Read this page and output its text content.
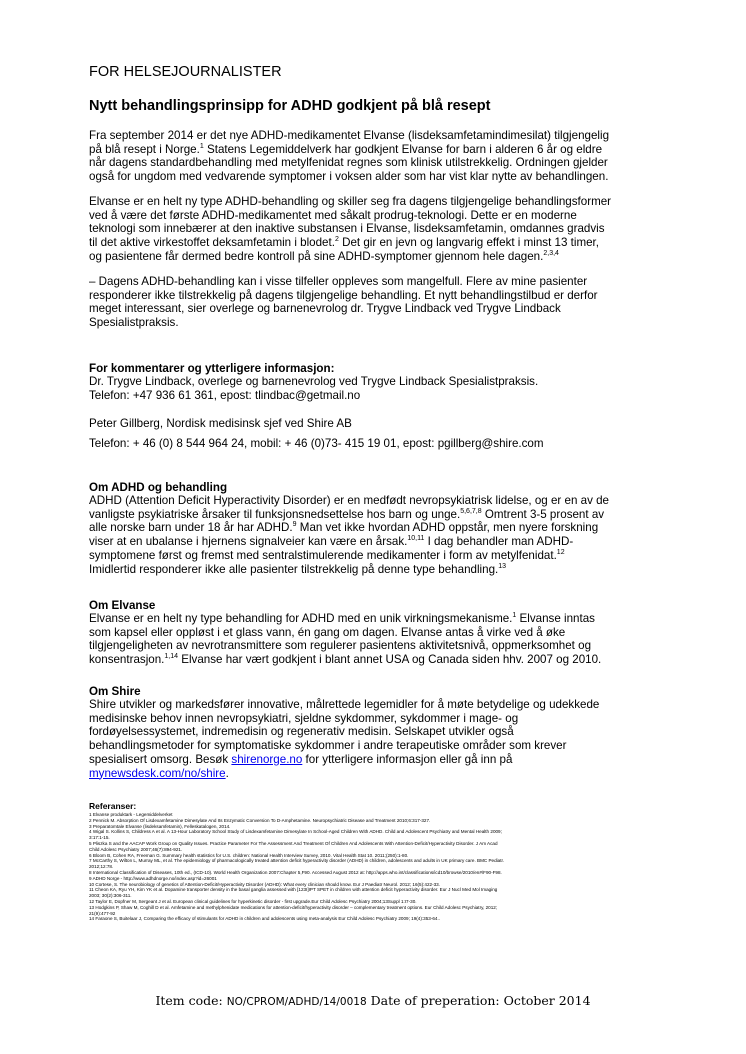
FOR HELSEJOURNALISTER
Nytt behandlingsprinsipp for ADHD godkjent på blå resept

Fra september 2014 er det nye ADHD-medikamentet Elvanse (lisdeksamfetamindimesilat) tilgjengelig
på blå resept i Norge.$^1$ Statens Legemiddelverk har godkjent Elvanse for barn i alderen 6 år og eldre
når dagens standardbehandling med metylfenidat regnes som klinisk utilstrekkelig. Ordningen gjelder
også for ungdom med vedvarende symptomer i voksen alder som har vist klar nytte av behandlingen.

Elvanse er en helt ny type ADHD-behandling og skiller seg fra dagens tilgjengelige behandlingsformer
ved å være det første ADHD-medikamentet med såkalt prodrug-teknologi. Dette er en moderne
teknologi som innebærer at den inaktive substansen i Elvanse, lisdeksamfetamin, omdannes gradvis
til det aktive virkestoffet deksamfetamin i blodet.$^2$ Det gir en jevn og langvarig effekt i minst 13 timer,
og pasientene får dermed bedre kontroll på sine ADHD-symptomer gjennom hele dagen.$^{2,3,4}$

– Dagens ADHD-behandling kan i visse tilfeller oppleves som mangelfull. Flere av mine pasienter
responderer ikke tilstrekkelig på dagens tilgjengelige behandling. Et nytt behandlingstilbud er derfor
meget interessant, sier overlege og barnenevrolog dr. Trygve Lindback ved Trygve Lindback
Spesialistpraksis.

For kommentarer og ytterligere informasjon:

Dr. Trygve Lindback, overlege og barnenevrolog ved Trygve Lindback Spesialistpraksis.
Telefon: +47 936 61 361, epost: tlindbac@getmail.no

Peter Gillberg, Nordisk medisinsk sjef ved Shire AB

Telefon: + 46 (0) 8 544 964 24, mobil: + 46 (0)73- 415 19 01, epost: pgillberg@shire.com

Om ADHD og behandling

ADHD (Attention Deficit Hyperactivity Disorder) er en medfødt nevropsykiatrisk lidelse, og er en av de
vanligste psykiatriske årsaker til funksjonsnedsettelse hos barn og unge.$^{5,6,7,8}$ Omtrent 3-5 prosent av
alle norske barn under 18 år har ADHD.$^9$ Man vet ikke hvordan ADHD oppstår, men nyere forskning
viser at en ubalanse i hjernens signalveier kan være en årsak.$^{10,11}$ I dag behandler man ADHD-
symptomene først og fremst med sentralstimulerende medikamenter i form av metylfenidat.$^{12}$
Imidlertid responderer ikke alle pasienter tilstrekkelig på denne type behandling.$^{13}$

Om Elvanse

Elvanse er en helt ny type behandling for ADHD med en unik virkningsmekanisme.$^1$ Elvanse inntas
som kapsel eller oppløst i et glass vann, én gang om dagen. Elvanse antas å virke ved å øke
tilgjengeligheten av nevrotransmittere som regulerer pasientens aktivitetsnivå, oppmerksomhet og
konsentrasjon.$^{1,14}$ Elvanse har vært godkjent i blant annet USA og Canada siden hhv. 2007 og 2010.

Om Shire

Shire utvikler og markedsfører innovative, målrettede legemidler for å møte betydelige og udekkede
medisinske behov innen nevropsykiatri, sjeldne sykdommer, sykdommer i mage- og
fordøyelsessystemet, indremedisin og regenerativ medisin. Selskapet utvikler også
behandlingsmetoder for symptomatiske sykdommer i andre terapeutiske områder som krever
spesialisert omsorg. Besøk shirenorge.no for ytterligere informasjon eller gå inn på
mynewsdesk.com/no/shire.

Referanser:

1 Elvanse produktark - Legemiddelverket

2 Pennick M. Absorption Of Lisdexamfetamine Dimesylate And Its Enzymatic Conversion To D-Amphetamine. Neuropsychiatric Disease and Treatment 2010;6:317-327.

3 Preparatomtale Elvanse (lisdeksamfetamin), Felleskatalogen, 2014.

4 Wigal S. Kollins S, Childress A et al. A 13-Hour Laboratory School Study of Lisdexamfetamine Dimesylate In School-Aged Children With ADHD. Child and Adolescent Psychiatry and Mental Health 2009;

3:17:1-15.

5 Pliszka S and the AACAP Work Group on Quality Issues. Practice Parameter For The Assessment And Treatment Of Children And Adolescents With Attention-Deficit/Hyperactivity Disorder. J Am Acad

Child Adolesc Psychiatry 2007;46(7):894-921.

6 Bloom B, Cohen RA, Freeman G. Summary health statistics for U.S. children: National Health Interview Survey, 2010. Vital Health Stat 10. 2011;(250):1-80.

7 McCarthy S, Wilton L, Murray ML, et al. The epidemiology of pharmacologically treated attention deficit hyperactivity disorder (ADHD) in children, adolescents and adults in UK primary care. BMC Pediatr.

2012;12:78.

8 International Classification of Diseases, 10th ed., (ICD-10). World Health Organization 2007:Chapter 5,F90. Accessed August 2012 at: http://apps.who.int/classifications/icd10/browse/2010/en#/F90-F98.

9 ADHD Norge - http://www.adhdnorge.no/index.asp?id=26001

10 Cortese, S. The neurobiology of genetics of Attention-Deficit/Hyperactivity Disorder (ADHD): What every clinician should know. Eur J Paediatr Neurol. 2012; 16(5):422-33.

11 Cheon KA, Ryu YH, Kim YK et al. Dopamine transporter density in the basal ganglia assessed with [123I]IPT SPET in children with attention deficit hyperactivity disorder. Eur J Nucl Med Mol Imaging

2003; 30(2):306-311.

12 Taylor E, Dopfner M, Sergeant J et al. European clinical guidelines for hyperkinetic disorder - first upgrade.Eur Child Adolesc Psychiatry 2004;13Suppl 1:I7-30.

13 Hodgkins P, Shaw M, Coghill D et al. Amfetamine and methylphenidate medications for attention-deficit/hyperactivity disorder – complementary treatment options. Eur Child Adolesc Psychiatry, 2012;

21(9):477-92

14 Faraone S, Buitelaar J, Comparing the efficacy of stimulants for ADHD in children and adolescents using meta-analysis Eur Child Adolesc Psychiatry 2009; 19(4):353-64..

Item code: NO/CPROM/ADHD/14/0018 Date of preperation: October 2014
